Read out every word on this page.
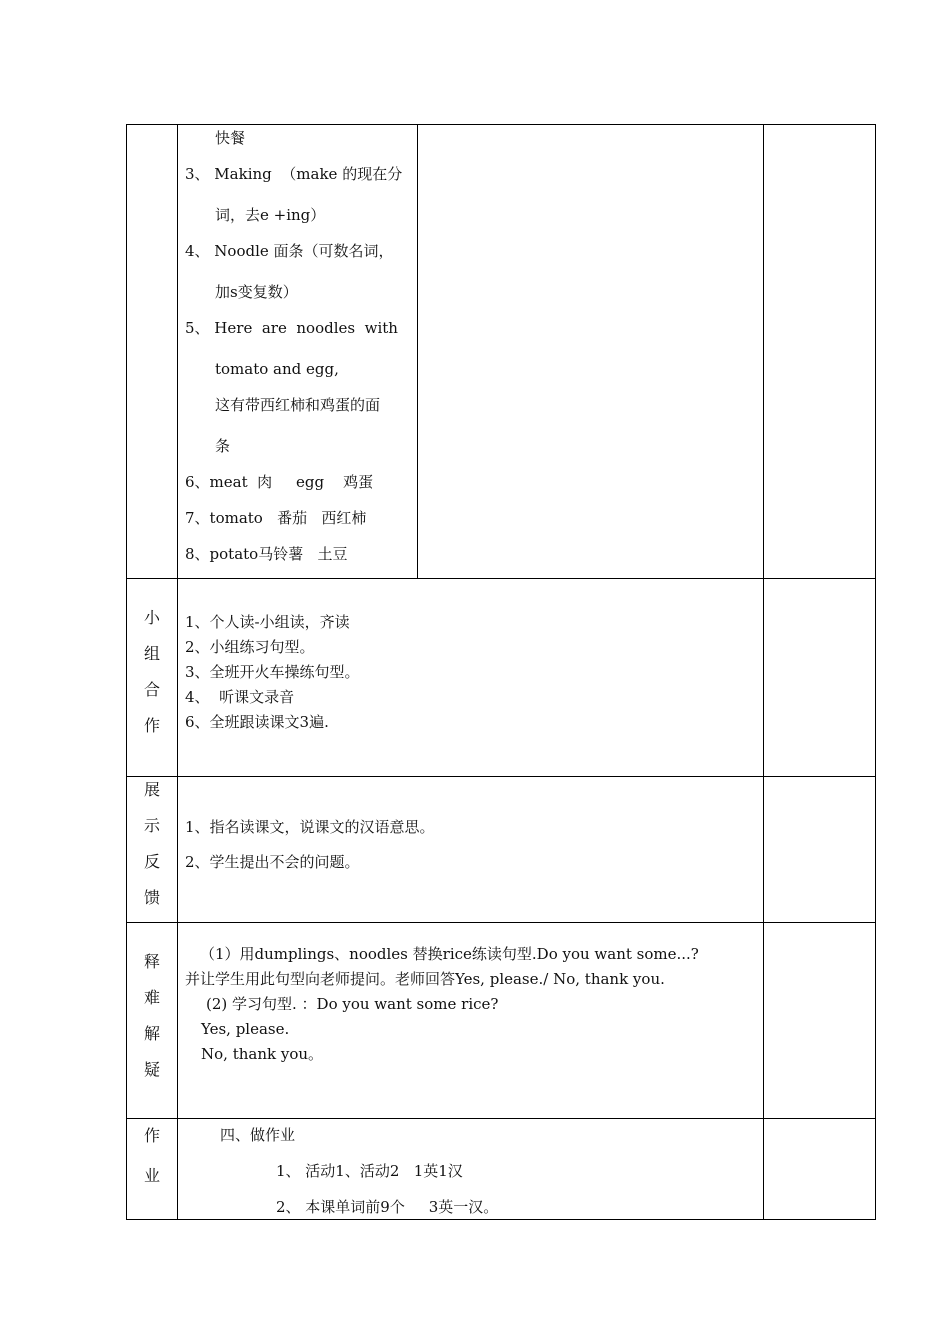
快餐
3、 Making  （make 的现在分
词，去e +ing）
4、 Noodle 面条（可数名词，
加s变复数）
5、 Here  are  noodles  with
tomato and egg,
这有带西红柿和鸡蛋的面
条
6、meat  肉     egg    鸡蛋
7、tomato   番茄   西红柿
8、potato马铃薯   土豆
小
组
合
作
1、个人读-小组读，齐读
2、小组练习句型。
3、全班开火车操练句型。
4、  听课文录音
6、全班跟读课文3遍.
展
示
反
馈
1、指名读课文，说课文的汉语意思。
2、学生提出不会的问题。
释
难
解
疑
（1）用dumplings、noodles 替换rice练读句型.Do you want some...?
并让学生用此句型向老师提问。老师回答Yes, please./ No, thank you.
(2) 学习句型. ：Do you want some rice?
Yes, please.
No, thank you。
作
业
四、做作业
1、 活动1、活动2   1英1汉
2、 本课单词前9个     3英一汉。
